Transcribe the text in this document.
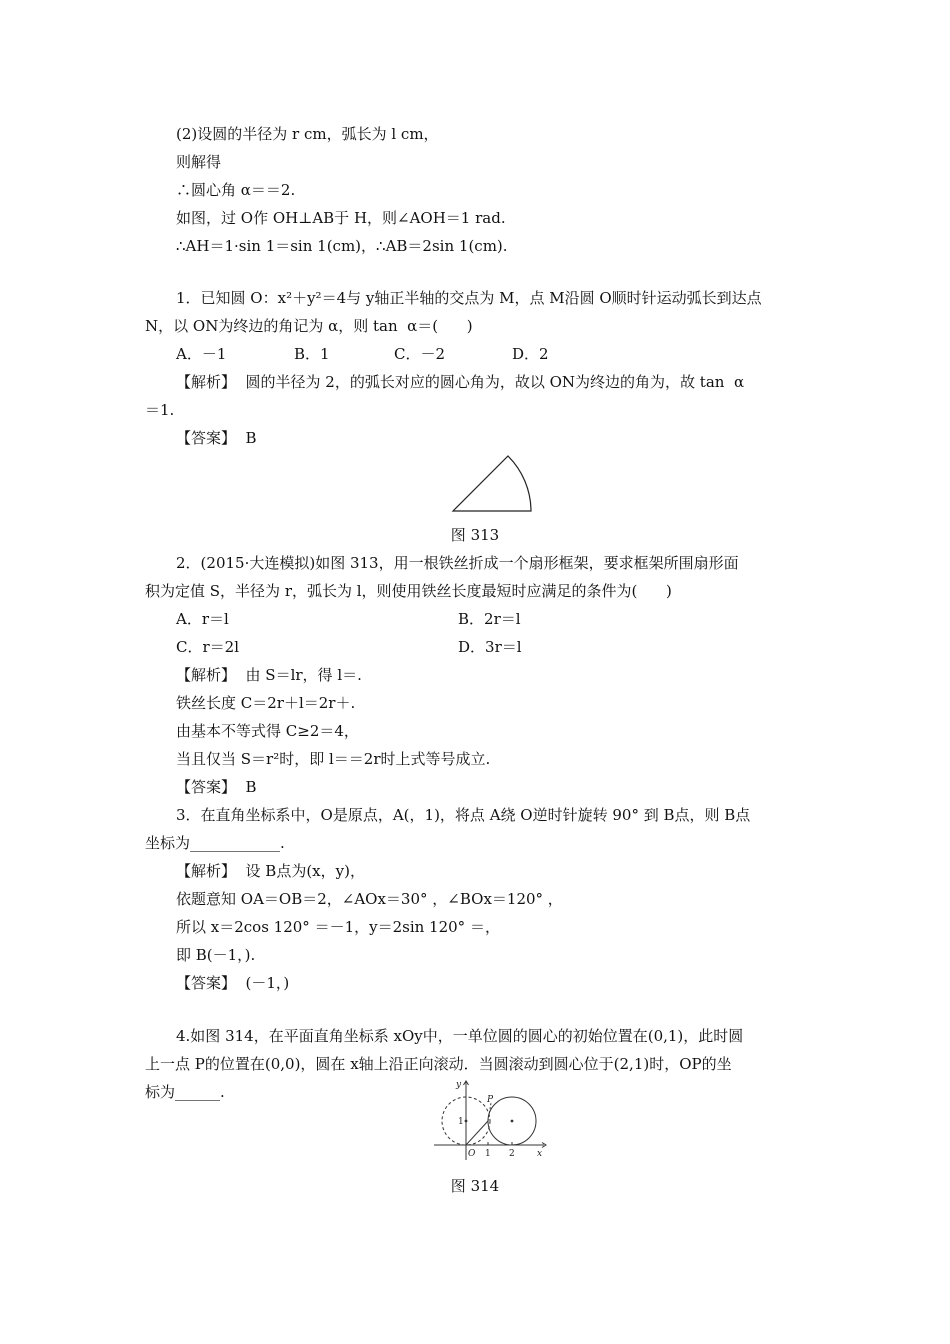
(2)设圆的半径为 r cm，弧长为 l cm，
则解得
∴圆心角 α＝＝2.
如图，过 O作 OH⊥AB于 H，则∠AOH＝1 rad.
∴AH＝1·sin 1＝sin 1(cm)，∴AB＝2sin 1(cm).
1．已知圆 O：x²＋y²＝4与 y轴正半轴的交点为 M，点 M沿圆 O顺时针运动弧长到达点
N，以 ON为终边的角记为 α，则 tan  α＝(      )
A．－1	B．1	C．－2	D．2
【解析】  圆的半径为 2，的弧长对应的圆心角为，故以 ON为终边的角为，故 tan  α
＝1.
【答案】  B
图 313
2．(2015·大连模拟)如图 313，用一根铁丝折成一个扇形框架，要求框架所围扇形面
积为定值 S，半径为 r，弧长为 l，则使用铁丝长度最短时应满足的条件为(      )
A．r＝l	B．2r＝l
C．r＝2l	D．3r＝l
【解析】  由 S＝lr，得 l＝.
铁丝长度 C＝2r＋l＝2r＋.
由基本不等式得 C≥2＝4，
当且仅当 S＝r²时，即 l＝＝2r时上式等号成立.
【答案】  B
3．在直角坐标系中，O是原点，A(，1)，将点 A绕 O逆时针旋转 90° 到 B点，则 B点
坐标为____________.
【解析】  设 B点为(x，y)，
依题意知 OA＝OB＝2，∠AOx＝30° ，∠BOx＝120° ，
所以 x＝2cos 120° ＝－1，y＝2sin 120° ＝，
即 B(－1，).
【答案】  (－1，)
4.如图 314，在平面直角坐标系 xOy中，一单位圆的圆心的初始位置在(0,1)，此时圆
上一点 P的位置在(0,0)，圆在 x轴上沿正向滚动．当圆滚动到圆心位于(2,1)时，OP的坐
标为______.	y
x
O
P
1 2
1
图 314
